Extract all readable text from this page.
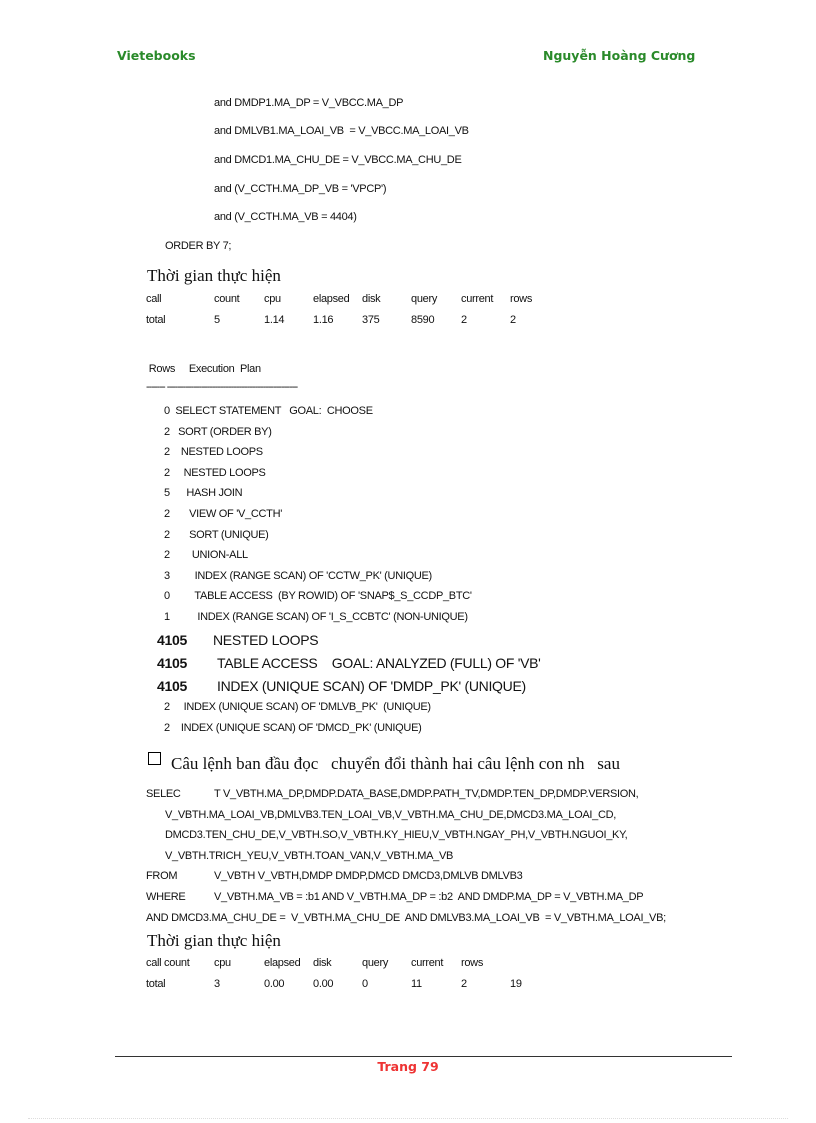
Vietebooks	Nguyễn Hoàng Cương
and DMDP1.MA_DP = V_VBCC.MA_DP
and DMLVB1.MA_LOAI_VB  = V_VBCC.MA_LOAI_VB
and DMCD1.MA_CHU_DE = V_VBCC.MA_CHU_DE
and (V_CCTH.MA_DP_VB = 'VPCP')
and (V_CCTH.MA_VB = 4404)
ORDER BY 7;
Thời gian thực hiện
call	count cpu	elapsed disk	query current rows
total	5	1.14	1.16	375	8590 2	2
Rows     Execution  Plan
------- -------------------------------------------------
0  SELECT STATEMENT   GOAL:  CHOOSE
2   SORT (ORDER BY)
2    NESTED LOOPS
2     NESTED LOOPS
5      HASH JOIN
2       VIEW OF 'V_CCTH'
2       SORT (UNIQUE)
2        UNION-ALL
3         INDEX (RANGE SCAN) OF 'CCTW_PK' (UNIQUE)
0         TABLE ACCESS  (BY ROWID) OF 'SNAP$_S_CCDP_BTC'
1          INDEX (RANGE SCAN) OF 'I_S_CCBTC' (NON-UNIQUE)
4105 NESTED LOOPS
4105 TABLE ACCESS    GOAL: ANALYZED (FULL) OF 'VB'
4105 INDEX (UNIQUE SCAN) OF 'DMDP_PK' (UNIQUE)
2     INDEX (UNIQUE SCAN) OF 'DMLVB_PK'  (UNIQUE)
2    INDEX (UNIQUE SCAN) OF 'DMCD_PK' (UNIQUE)
Câu lệnh ban đầu đọc   chuyển đổi thành hai câu lệnh con nh   sau
SELEC	T V_VBTH.MA_DP,DMDP.DATA_BASE,DMDP.PATH_TV,DMDP.TEN_DP,DMDP.VERSION,
V_VBTH.MA_LOAI_VB,DMLVB3.TEN_LOAI_VB,V_VBTH.MA_CHU_DE,DMCD3.MA_LOAI_CD,
DMCD3.TEN_CHU_DE,V_VBTH.SO,V_VBTH.KY_HIEU,V_VBTH.NGAY_PH,V_VBTH.NGUOI_KY,
V_VBTH.TRICH_YEU,V_VBTH.TOAN_VAN,V_VBTH.MA_VB
FROM	V_VBTH V_VBTH,DMDP DMDP,DMCD DMCD3,DMLVB DMLVB3
WHERE	V_VBTH.MA_VB = :b1 AND V_VBTH.MA_DP = :b2  AND DMDP.MA_DP = V_VBTH.MA_DP
AND DMCD3.MA_CHU_DE =  V_VBTH.MA_CHU_DE  AND DMLVB3.MA_LOAI_VB  = V_VBTH.MA_LOAI_VB;
Thời gian thực hiện
call count cpu	elapsed disk	query current rows
total	3	0.00	0.00	0	11	2	19
Trang 79
